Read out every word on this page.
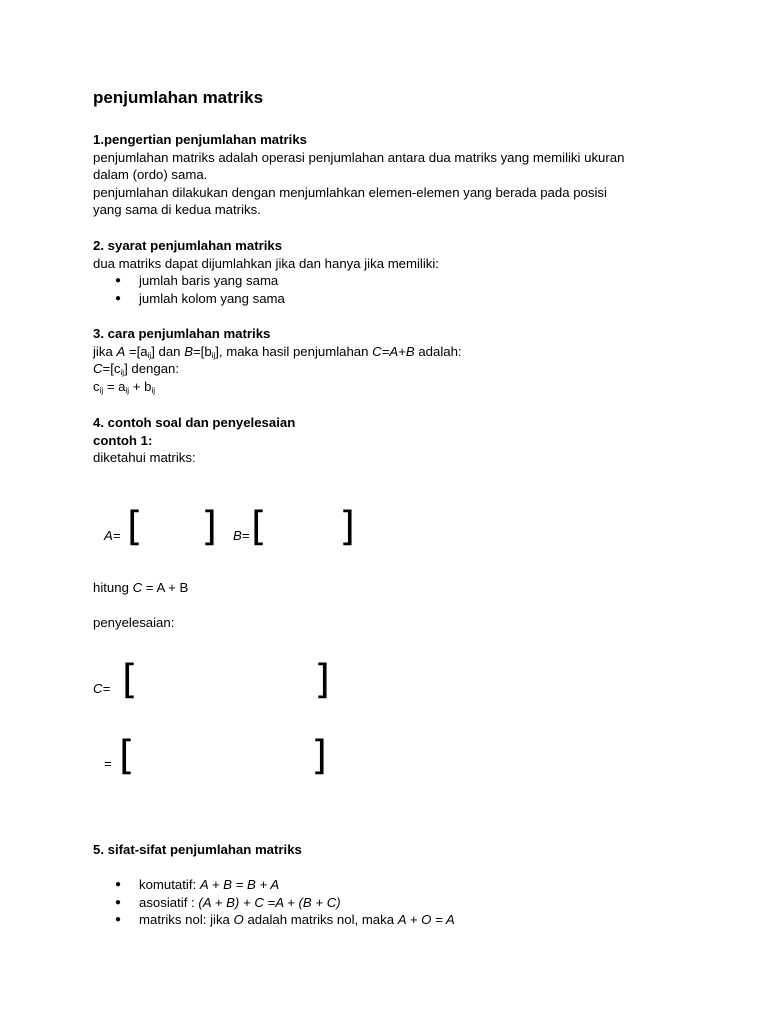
penjumlahan matriks
1.pengertian penjumlahan matriks
penjumlahan matriks adalah operasi penjumlahan antara dua matriks yang memiliki ukuran
dalam (ordo) sama.
penjumlahan dilakukan dengan menjumlahkan elemen-elemen yang berada pada posisi
yang sama di kedua matriks.
2. syarat penjumlahan matriks
dua matriks dapat dijumlahkan jika dan hanya jika memiliki:
● jumlah baris yang sama
● jumlah kolom yang sama
3. cara penjumlahan matriks
jika $A =[a_{ij}]$ dan $B=[b_{ij}]$, maka hasil penjumlahan C=A+B adalah:
$C=[c_{ij}]$ dengan:
$c_{ij} = a_{ij} + b_{ij}$
4. contoh soal dan penyelesaian
contoh 1:
diketahui matriks:
A= [ ] B= [ ]
hitung C = A + B
penyelesaian:
C= [	]
= [	]
5. sifat-sifat penjumlahan matriks
● komutatif: A + B = B + A
● asosiatif : (A + B) + C =A + (B + C)
● matriks nol: jika O adalah matriks nol, maka A + O = A
